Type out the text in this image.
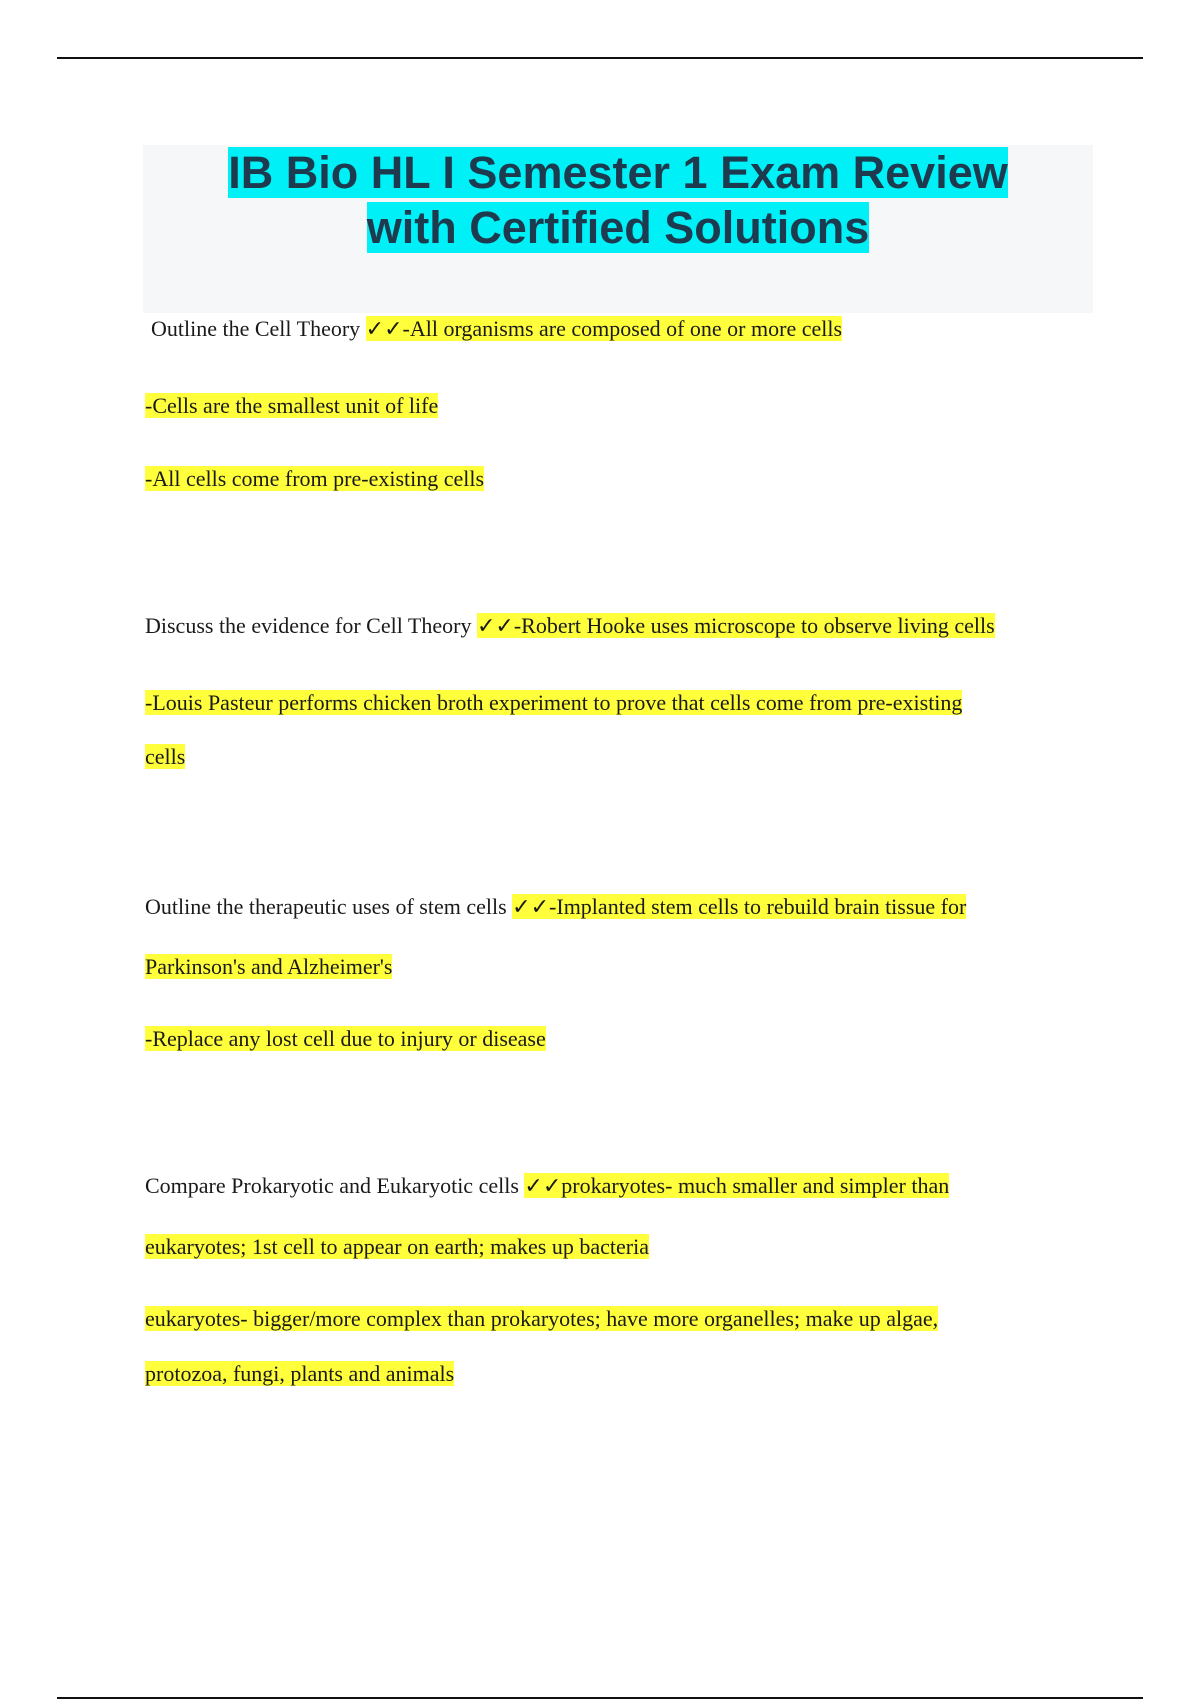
IB Bio HL I Semester 1 Exam Review
with Certified Solutions
Outline the Cell Theory ✓✓-All organisms are composed of one or more cells
-Cells are the smallest unit of life
-All cells come from pre-existing cells
Discuss the evidence for Cell Theory ✓✓-Robert Hooke uses microscope to observe living cells
-Louis Pasteur performs chicken broth experiment to prove that cells come from pre-existing
cells
Outline the therapeutic uses of stem cells ✓✓-Implanted stem cells to rebuild brain tissue for
Parkinson's and Alzheimer's
-Replace any lost cell due to injury or disease
Compare Prokaryotic and Eukaryotic cells ✓✓prokaryotes- much smaller and simpler than
eukaryotes; 1st cell to appear on earth; makes up bacteria
eukaryotes- bigger/more complex than prokaryotes; have more organelles; make up algae,
protozoa, fungi, plants and animals
